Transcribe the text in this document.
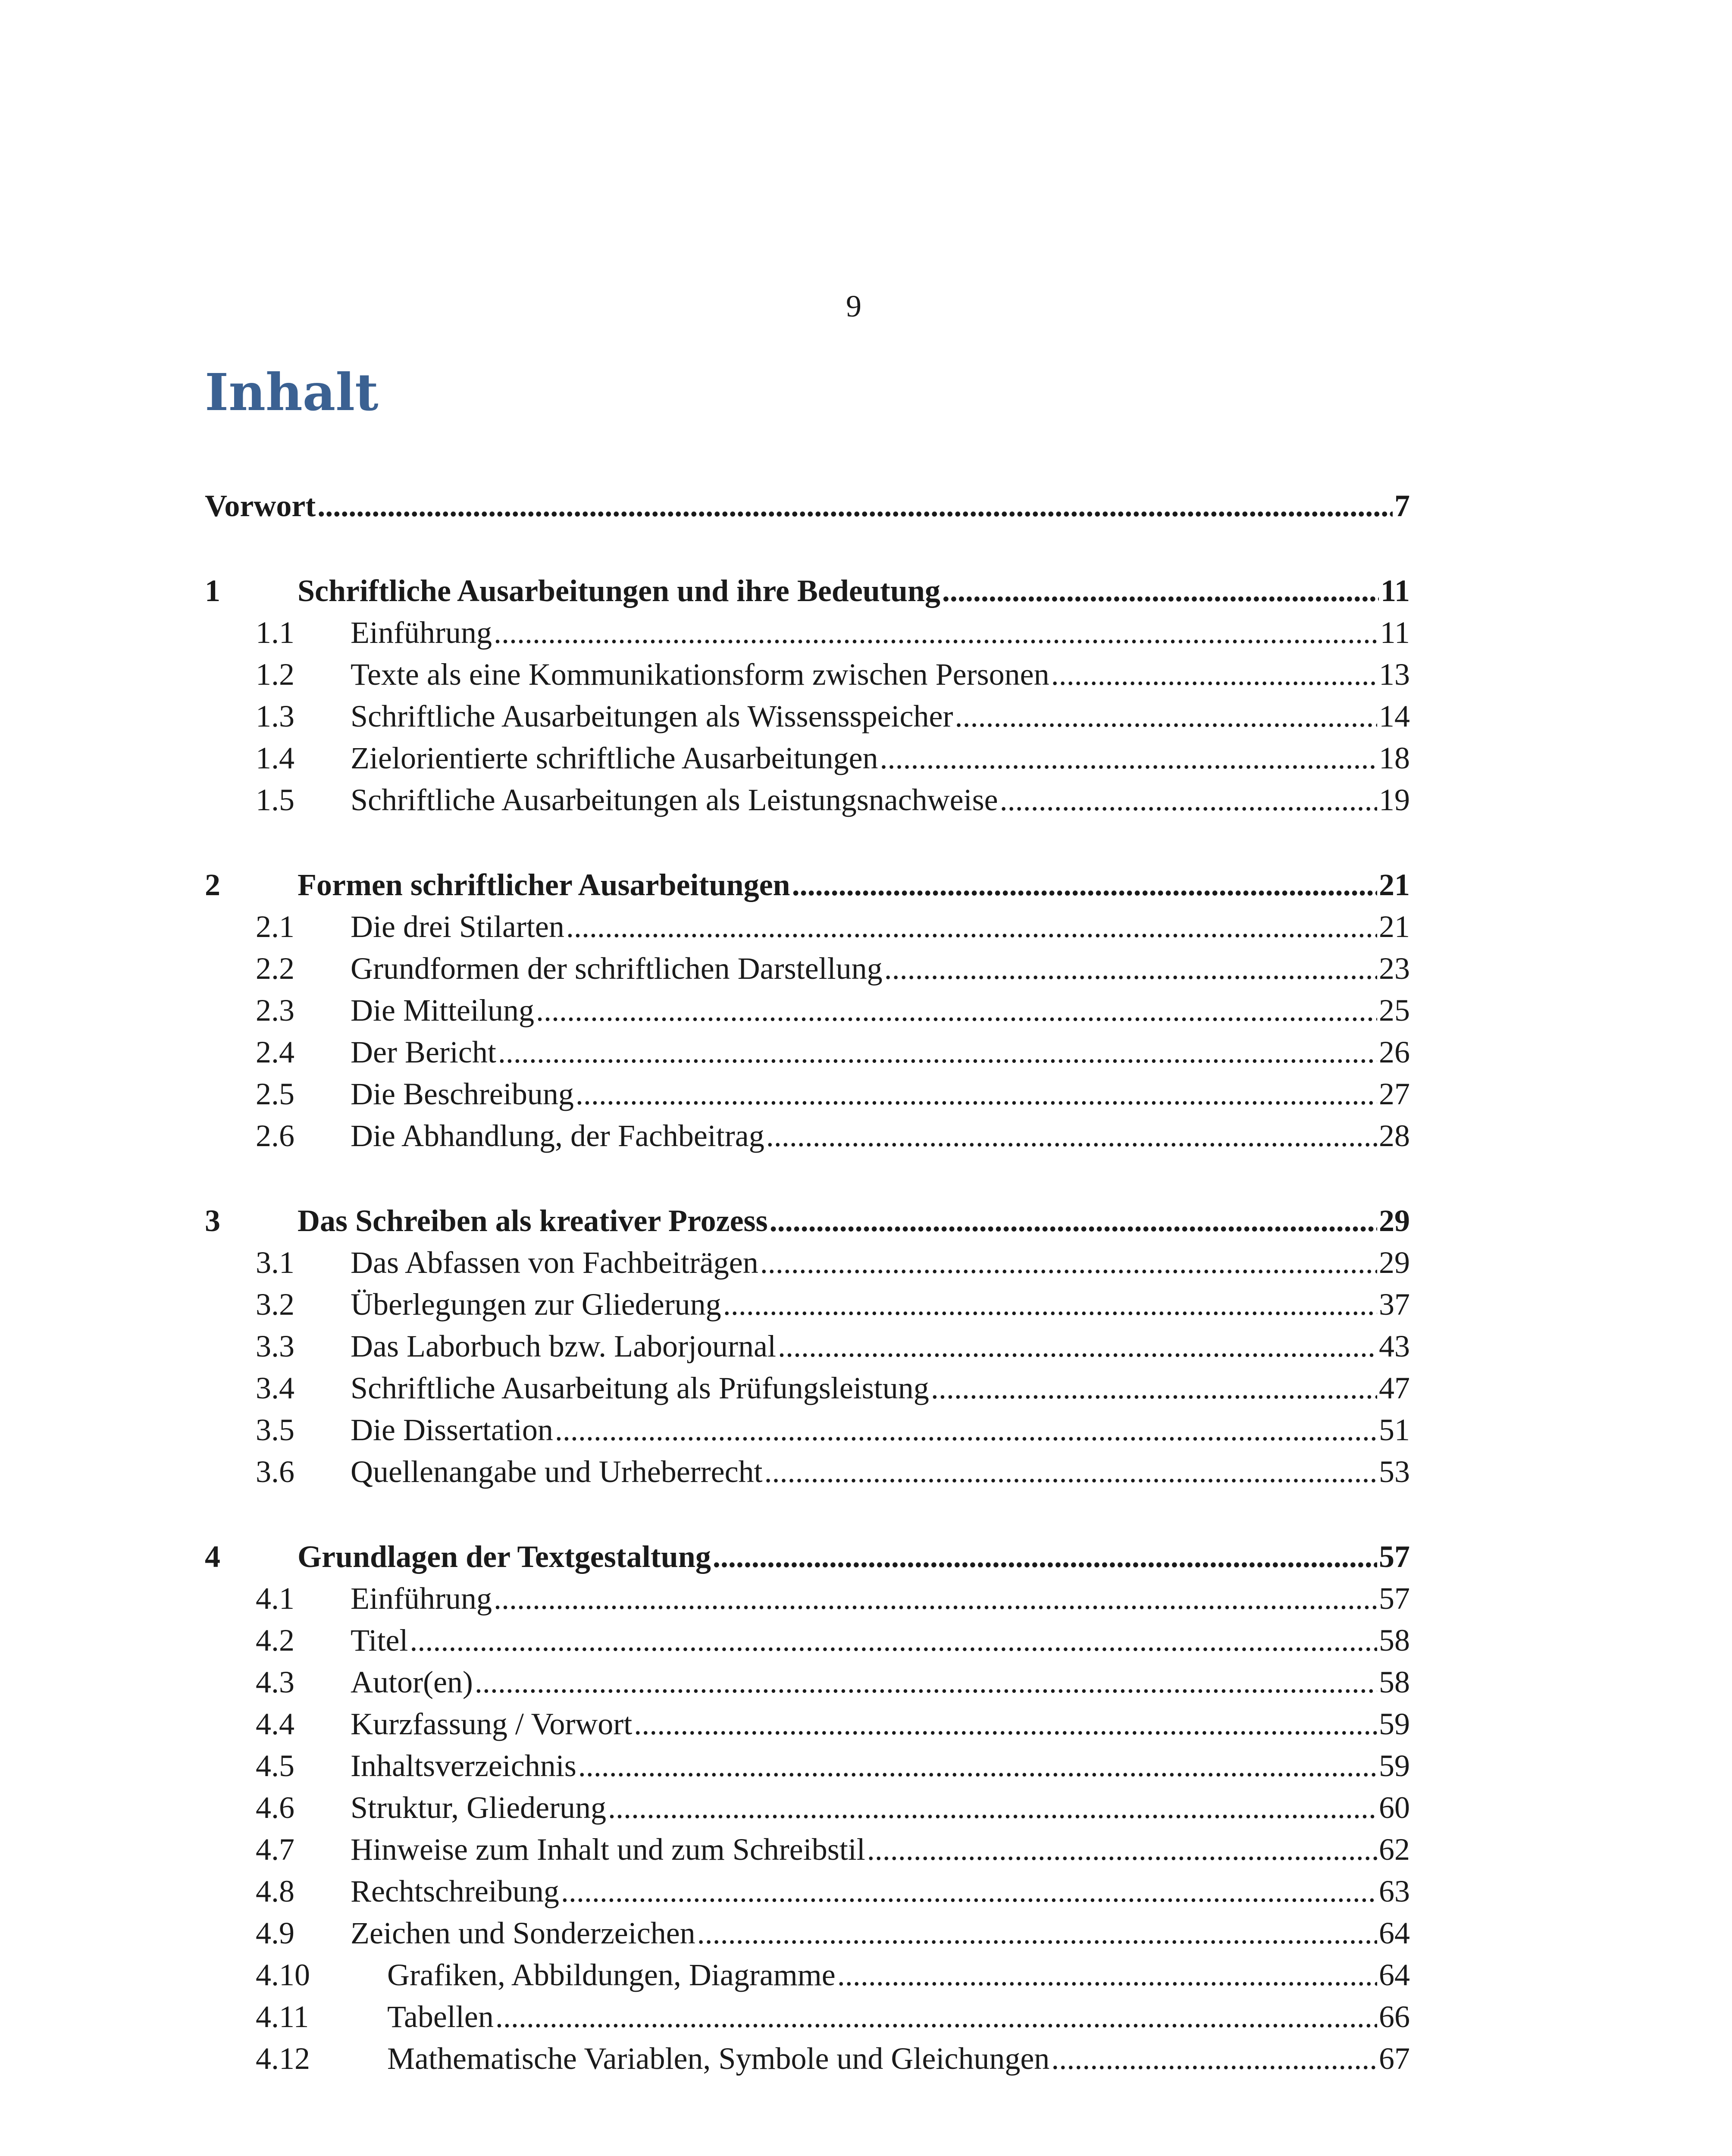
9
Inhalt
Vorwort .....	7
1	Schriftliche Ausarbeitungen und ihre Bedeutung .....	11
1.1	Einführung .....	11
1.2	Texte als eine Kommunikationsform zwischen Personen .....	13
1.3	Schriftliche Ausarbeitungen als Wissensspeicher .....	14
1.4	Zielorientierte schriftliche Ausarbeitungen .....	18
1.5	Schriftliche Ausarbeitungen als Leistungsnachweise .....	19
2	Formen schriftlicher Ausarbeitungen .....	21
2.1	Die drei Stilarten .....	21
2.2	Grundformen der schriftlichen Darstellung .....	23
2.3	Die Mitteilung .....	25
2.4	Der Bericht .....	26
2.5	Die Beschreibung .....	27
2.6	Die Abhandlung, der Fachbeitrag .....	28
3	Das Schreiben als kreativer Prozess .....	29
3.1	Das Abfassen von Fachbeiträgen .....	29
3.2	Überlegungen zur Gliederung .....	37
3.3	Das Laborbuch bzw. Laborjournal .....	43
3.4	Schriftliche Ausarbeitung als Prüfungsleistung .....	47
3.5	Die Dissertation .....	51
3.6	Quellenangabe und Urheberrecht .....	53
4	Grundlagen der Textgestaltung .....	57
4.1	Einführung .....	57
4.2	Titel .....	58
4.3	Autor(en) .....	58
4.4	Kurzfassung / Vorwort .....	59
4.5	Inhaltsverzeichnis .....	59
4.6	Struktur, Gliederung .....	60
4.7	Hinweise zum Inhalt und zum Schreibstil .....	62
4.8	Rechtschreibung .....	63
4.9	Zeichen und Sonderzeichen .....	64
4.10	Grafiken, Abbildungen, Diagramme .....	64
4.11	Tabellen .....	66
4.12	Mathematische Variablen, Symbole und Gleichungen .....	67
